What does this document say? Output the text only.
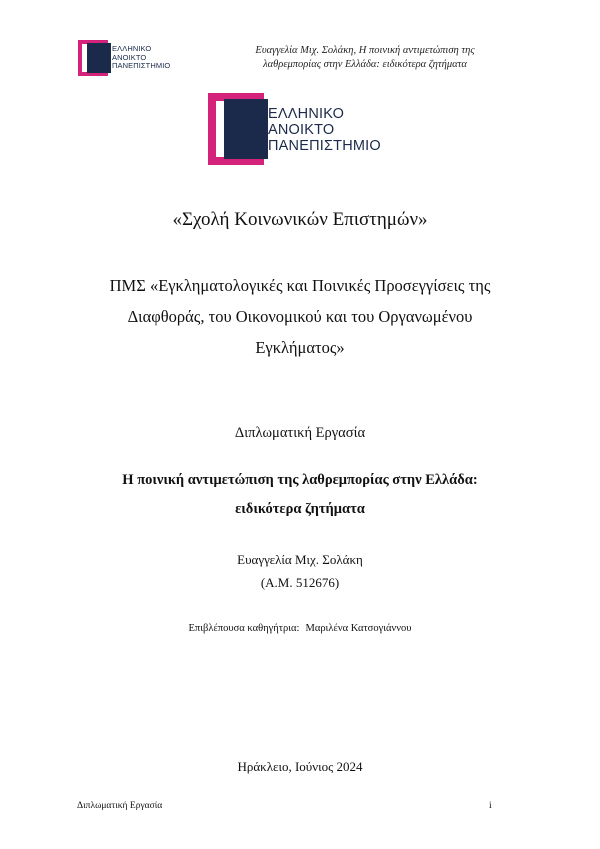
ΕΛΛΗΝΙΚΟ
ΑΝΟΙΚΤΟ
ΠΑΝΕΠΙΣΤΗΜΙΟ
Ευαγγελία Μιχ. Σολάκη, Η ποινική αντιμετώπιση της
λαθρεμπορίας στην Ελλάδα: ειδικότερα ζητήματα
ΕΛΛΗΝΙΚΟ
ΑΝΟΙΚΤΟ
ΠΑΝΕΠΙΣΤΗΜΙΟ
«Σχολή Κοινωνικών Επιστημών»
ΠΜΣ «Εγκληματολογικές και Ποινικές Προσεγγίσεις της
Διαφθοράς, του Οικονομικού και του Οργανωμένου
Εγκλήματος»
Διπλωματική Εργασία
Η ποινική αντιμετώπιση της λαθρεμπορίας στην Ελλάδα:
ειδικότερα ζητήματα
Ευαγγελία Μιχ. Σολάκη
(Α.Μ. 512676)
Επιβλέπουσα καθηγήτρια: Μαριλένα Κατσογιάννου
Ηράκλειο, Ιούνιος 2024
Διπλωματική Εργασία	i
